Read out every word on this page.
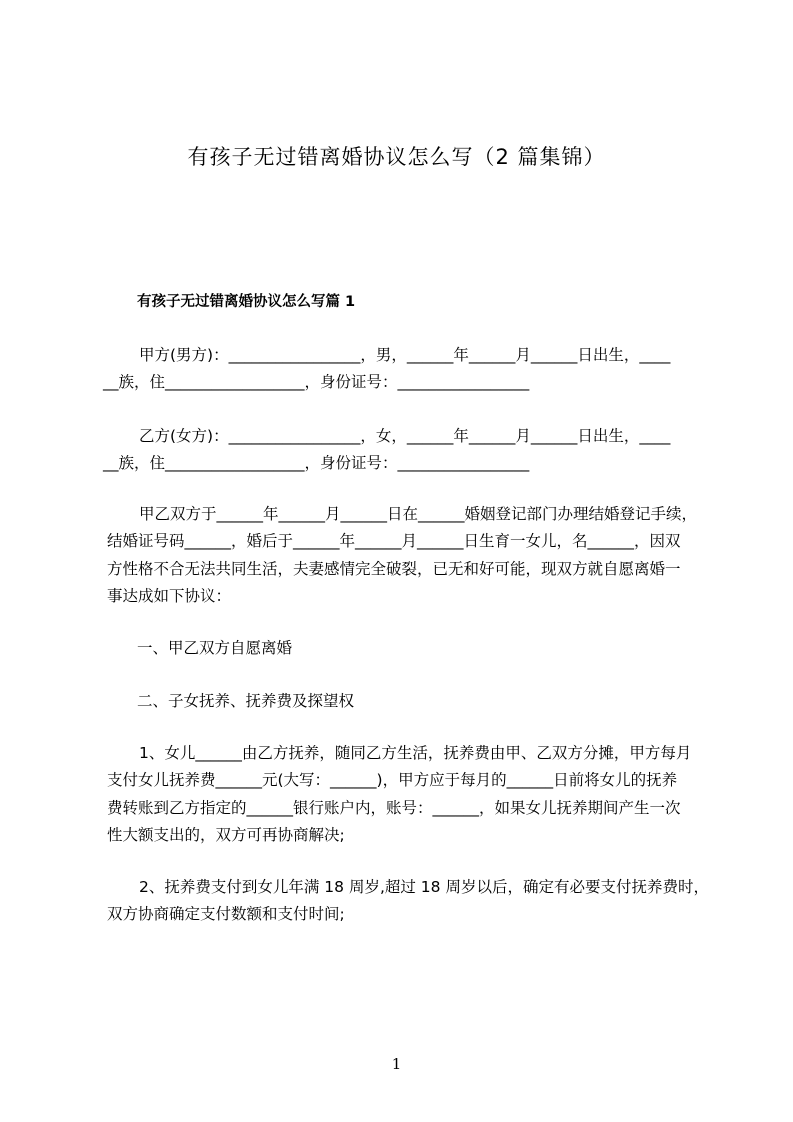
有孩子无过错离婚协议怎么写（2 篇集锦）
有孩子无过错离婚协议怎么写篇 1
甲方(男方)：_________________，男，______年______月______日出生，____
__族，住__________________，身份证号：_________________
乙方(女方)：_________________，女，______年______月______日出生，____
__族，住__________________，身份证号：_________________
甲乙双方于______年______月______日在______婚姻登记部门办理结婚登记手续，
结婚证号码______，婚后于______年______月______日生育一女儿，名______，因双
方性格不合无法共同生活，夫妻感情完全破裂，已无和好可能，现双方就自愿离婚一
事达成如下协议：
一、甲乙双方自愿离婚
二、子女抚养、抚养费及探望权
1、女儿______由乙方抚养，随同乙方生活，抚养费由甲、乙双方分摊，甲方每月
支付女儿抚养费______元(大写：______)，甲方应于每月的______日前将女儿的抚养
费转账到乙方指定的______银行账户内，账号：______，如果女儿抚养期间产生一次
性大额支出的，双方可再协商解决;
2、抚养费支付到女儿年满 18 周岁,超过 18 周岁以后，确定有必要支付抚养费时，
双方协商确定支付数额和支付时间;
1
